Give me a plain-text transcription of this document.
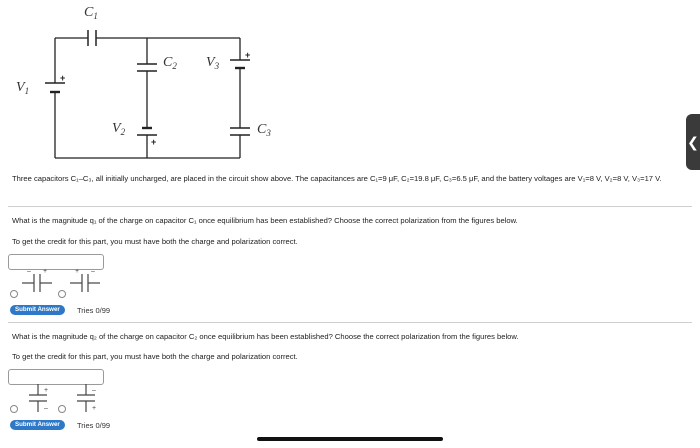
+
+
+
$C_1$
$C_2$ $V_3$
$V_1$
$V_2$	$C_3$
Three capacitors C₁–C₃, all initially uncharged, are placed in the circuit show above. The capacitances are C₁=9 μF, C₂=19.8 μF, C₃=6.5 μF, and the battery voltages are V₁=8 V, V₂=8 V, V₃=17 V.
What is the magnitude q₁ of the charge on capacitor C₁ once equilibrium has been established? Choose the correct polarization from the figures below.
To get the credit for this part, you must have both the charge and polarization correct.
– +	+ –
Submit Answer	Tries 0/99
What is the magnitude q₂ of the charge on capacitor C₂ once equilibrium has been established? Choose the correct polarization from the figures below.
To get the credit for this part, you must have both the charge and polarization correct.
+
–
–
+
Submit Answer	Tries 0/99
❮
